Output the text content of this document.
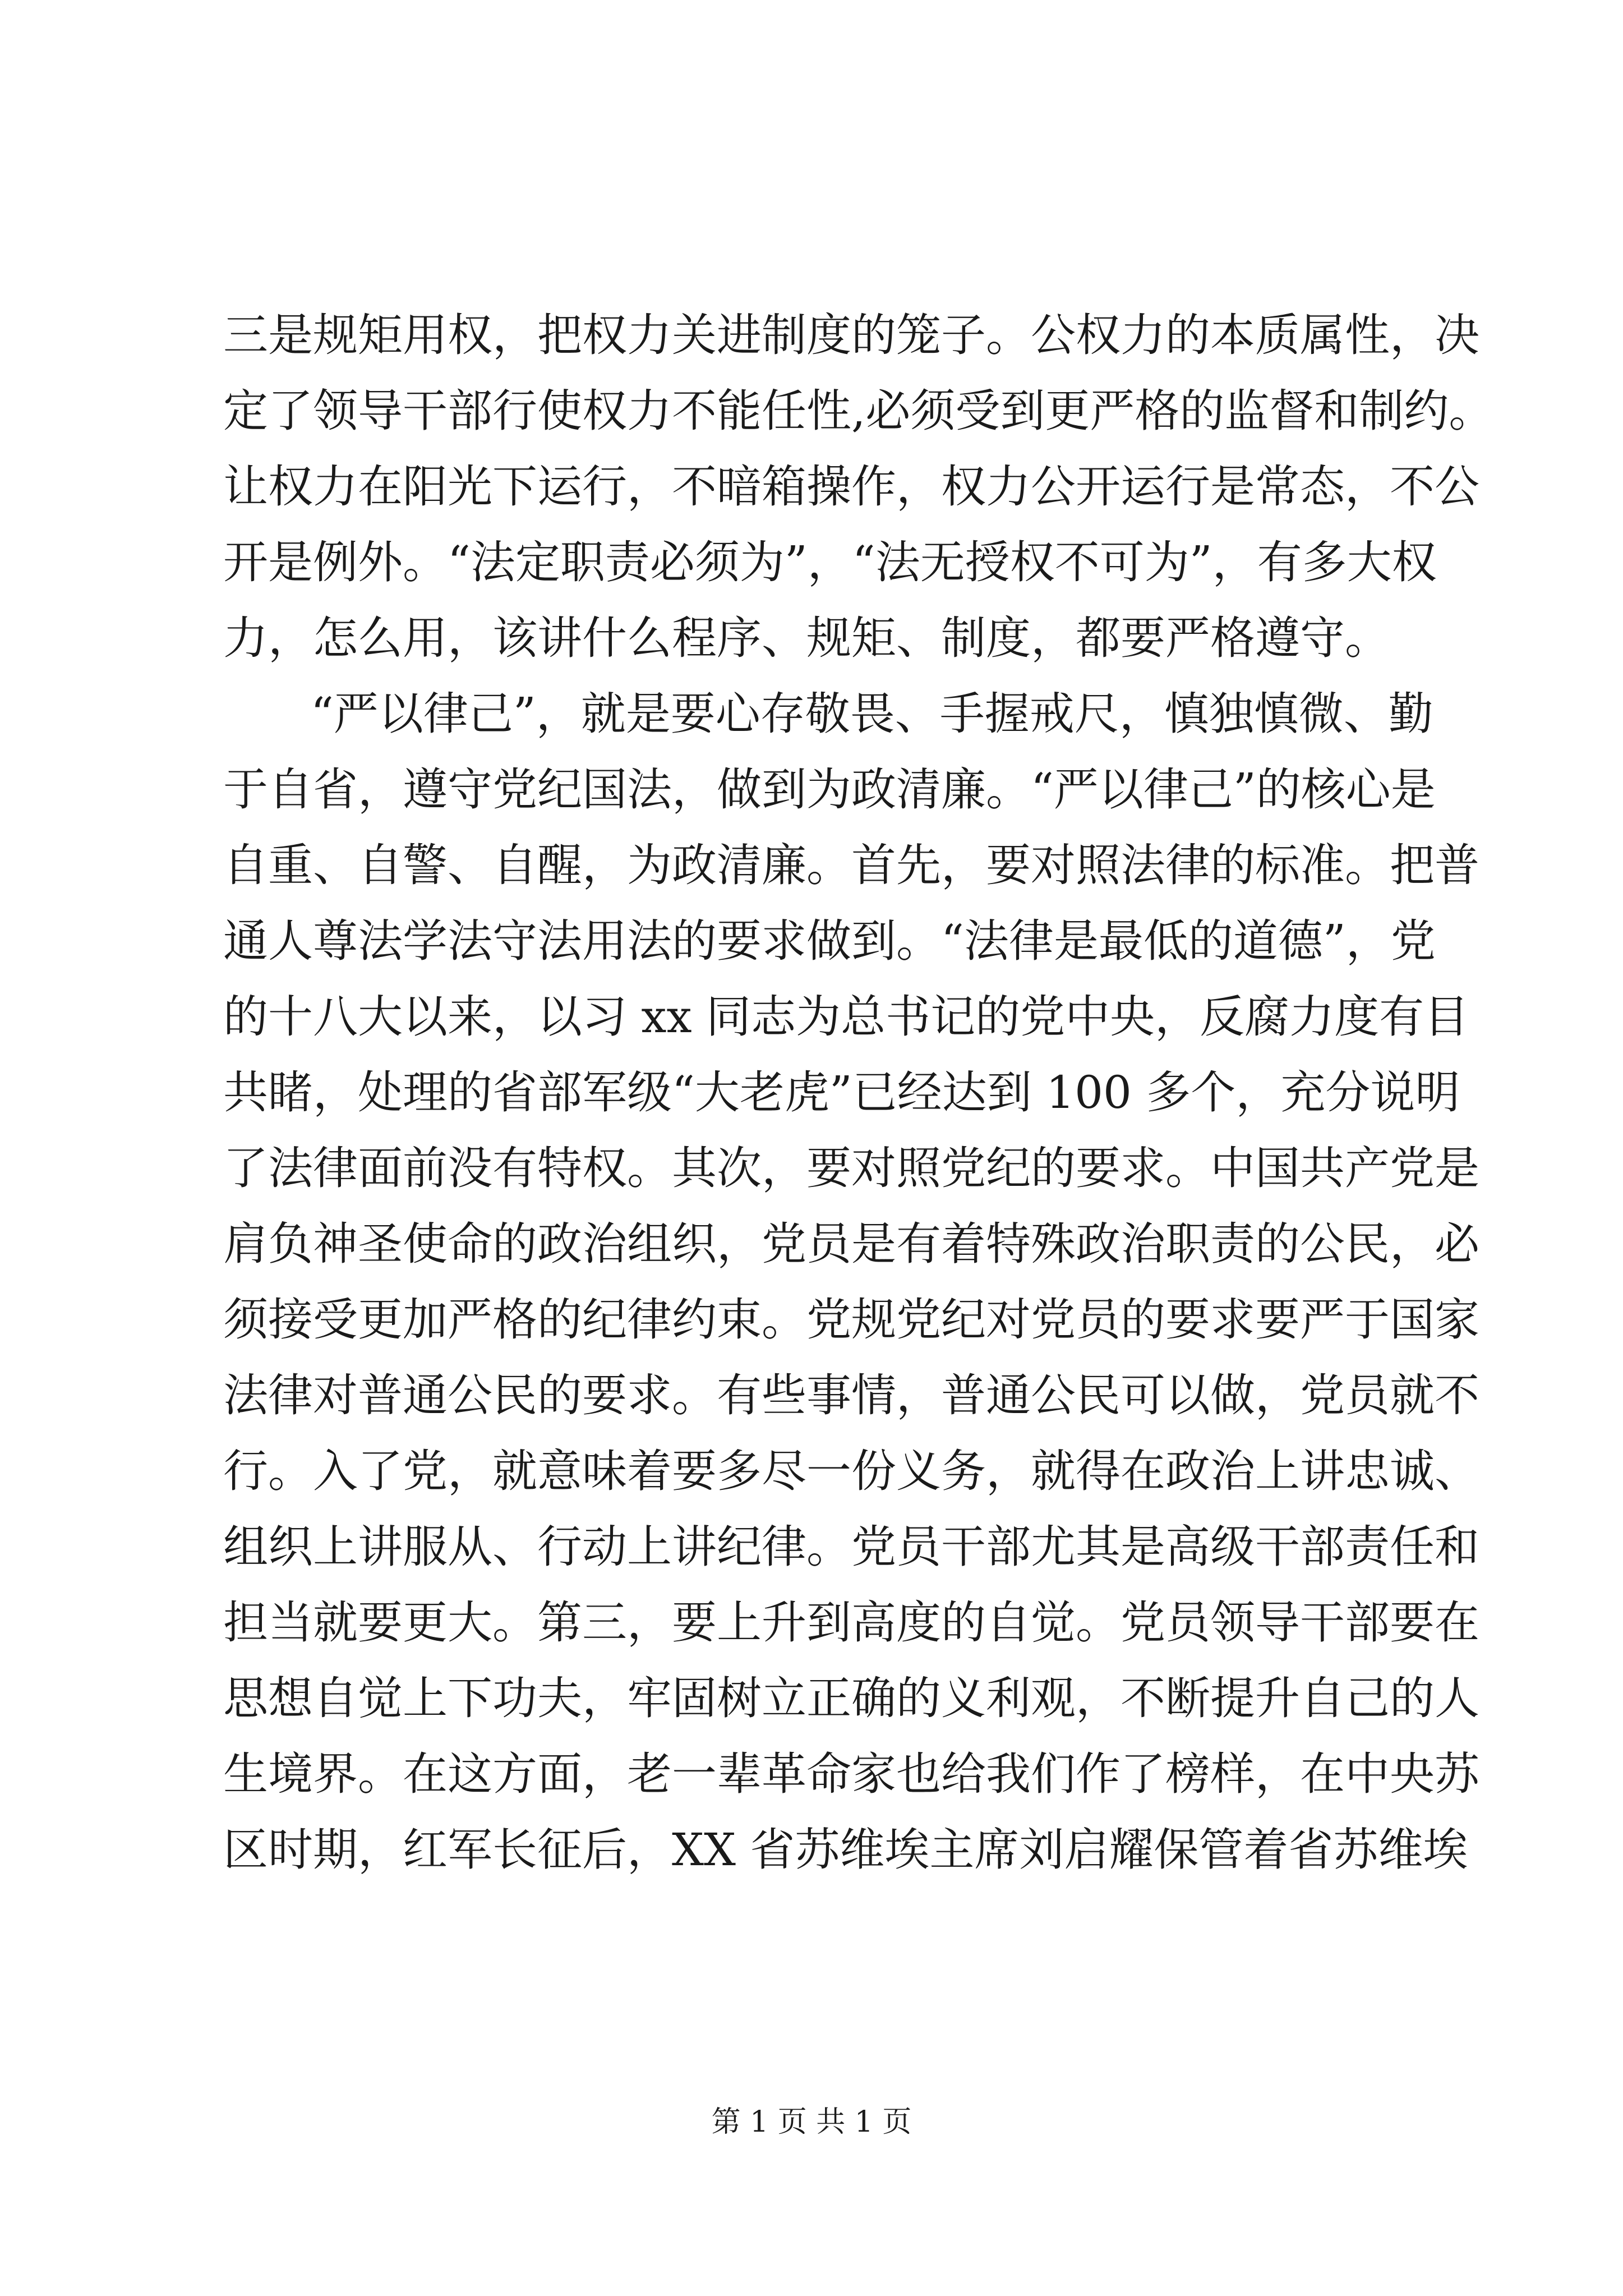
三是规矩用权，把权力关进制度的笼子。公权力的本质属性，决
定了领导干部行使权力不能任性,必须受到更严格的监督和制约。
让权力在阳光下运行，不暗箱操作，权力公开运行是常态，不公
开是例外。“法定职责必须为”，“法无授权不可为”，有多大权
力，怎么用，该讲什么程序、规矩、制度，都要严格遵守。
“严以律己”，就是要心存敬畏、手握戒尺，慎独慎微、勤
于自省，遵守党纪国法，做到为政清廉。“严以律己”的核心是
自重、自警、自醒，为政清廉。首先，要对照法律的标准。把普
通人尊法学法守法用法的要求做到。“法律是最低的道德”，党
的十八大以来，以习 xx 同志为总书记的党中央，反腐力度有目
共睹，处理的省部军级“大老虎”已经达到 100 多个，充分说明
了法律面前没有特权。其次，要对照党纪的要求。中国共产党是
肩负神圣使命的政治组织，党员是有着特殊政治职责的公民，必
须接受更加严格的纪律约束。党规党纪对党员的要求要严于国家
法律对普通公民的要求。有些事情，普通公民可以做，党员就不
行。入了党，就意味着要多尽一份义务，就得在政治上讲忠诚、
组织上讲服从、行动上讲纪律。党员干部尤其是高级干部责任和
担当就要更大。第三，要上升到高度的自觉。党员领导干部要在
思想自觉上下功夫，牢固树立正确的义利观，不断提升自己的人
生境界。在这方面，老一辈革命家也给我们作了榜样，在中央苏
区时期，红军长征后，XX 省苏维埃主席刘启耀保管着省苏维埃
第 1 页 共 1 页
